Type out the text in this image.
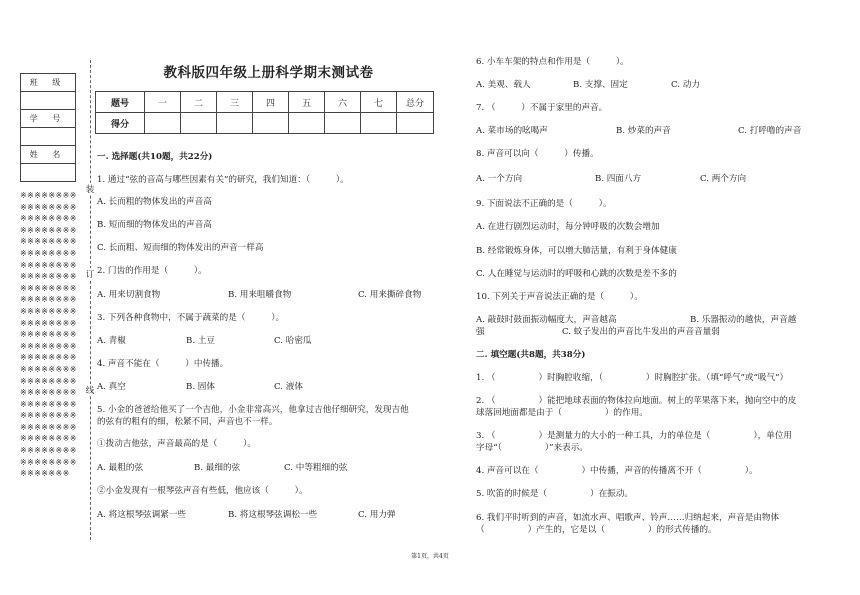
班 级

学 号

姓 名

※※※※※※※※※※※※※※※※※※※※※※※※※※※※※※※※※※※※※※※※※※※※※※※※※※※※※※※※※※※※※※※※※※※※※※※※※※※※※※※※※※※※※※※※※※※※※※※※※※※※※※※※※※※※※※※※※※※※※※※※※※※※※※※※※※※※※※※※※※※※※※※※※※※※※※※※※※※※※※※※※※※※※※※※※※※※※※※※※※※※※※※※※※※※※※※※※※※※※※※
装
订
线
教科版四年级上册科学期末测试卷
题号	一	二	三	四	五	六	七	总分
得分								
一. 选择题(共10题，共22分)
1. 通过“弦的音高与哪些因素有关”的研究，我们知道：（　　　）。
A. 长而粗的物体发出的声音高
B. 短而细的物体发出的声音高
C. 长而粗、短而细的物体发出的声音一样高
2. 门齿的作用是（　　　）。
A. 用来切割食物	B. 用来咀嚼食物	C. 用来撕碎食物
3. 下列各种食物中，不属于蔬菜的是（　　　）。
A. 青椒	B. 土豆	C. 哈密瓜
4. 声音不能在（　　　）中传播。
A. 真空	B. 固体	C. 液体
5. 小金的爸爸给他买了一个吉他，小金非常高兴，他拿过吉他仔细研究，发现吉他
的弦有的粗有的细，松紧不同，声音也不一样。
①拨动吉他弦，声音最高的是（　　　）。
A. 最粗的弦	B. 最细的弦	C. 中等粗细的弦
②小金发现有一根琴弦声音有些低，他应该（　　　）。
A. 将这根琴弦调紧一些	B. 将这根琴弦调松一些	C. 用力弹
6. 小车车架的特点和作用是（　　　）。
A. 美观、载人	B. 支撑、固定	C. 动力
7. （　　　）不属于家里的声音。
A. 菜市场的吆喝声	B. 炒菜的声音	C. 打呼噜的声音
8. 声音可以向（　　　）传播。
A. 一个方向	B. 四面八方	C. 两个方向
9. 下面说法不正确的是（　　　）。
A. 在进行剧烈运动时，每分钟呼吸的次数会增加
B. 经常锻炼身体，可以增大肺活量，有利于身体健康
C. 人在睡觉与运动时的呼吸和心跳的次数是差不多的
10. 下列关于声音说法正确的是（　　　）。
A. 敲鼓时鼓面振动幅度大，声音越高	B. 乐器振动的越快，声音越
强	C. 蚊子发出的声音比牛发出的声音音量弱
二. 填空题(共8题，共38分)
1. （　　　　　）时胸腔收缩，（　　　　　）时胸腔扩张。（填“呼气”或“吸气”）
2. （　　　　　）能把地球表面的物体拉向地面。树上的苹果落下来，抛向空中的皮
球落回地面都是由于（　　　　　）的作用。
3. （　　　　　）是测量力的大小的一种工具，力的单位是（　　　　　），单位用
字母“（　　　　　）”来表示。
4. 声音可以在（　　　　　）中传播，声音的传播离不开（　　　　　）。
5. 吹笛的时候是（　　　　　）在振动。
6. 我们平时听到的声音，如流水声、唱歌声、铃声……归纳起来，声音是由物体
（　　　　　）产生的，它是以（　　　　　）的形式传播的。
第1页，共4页
